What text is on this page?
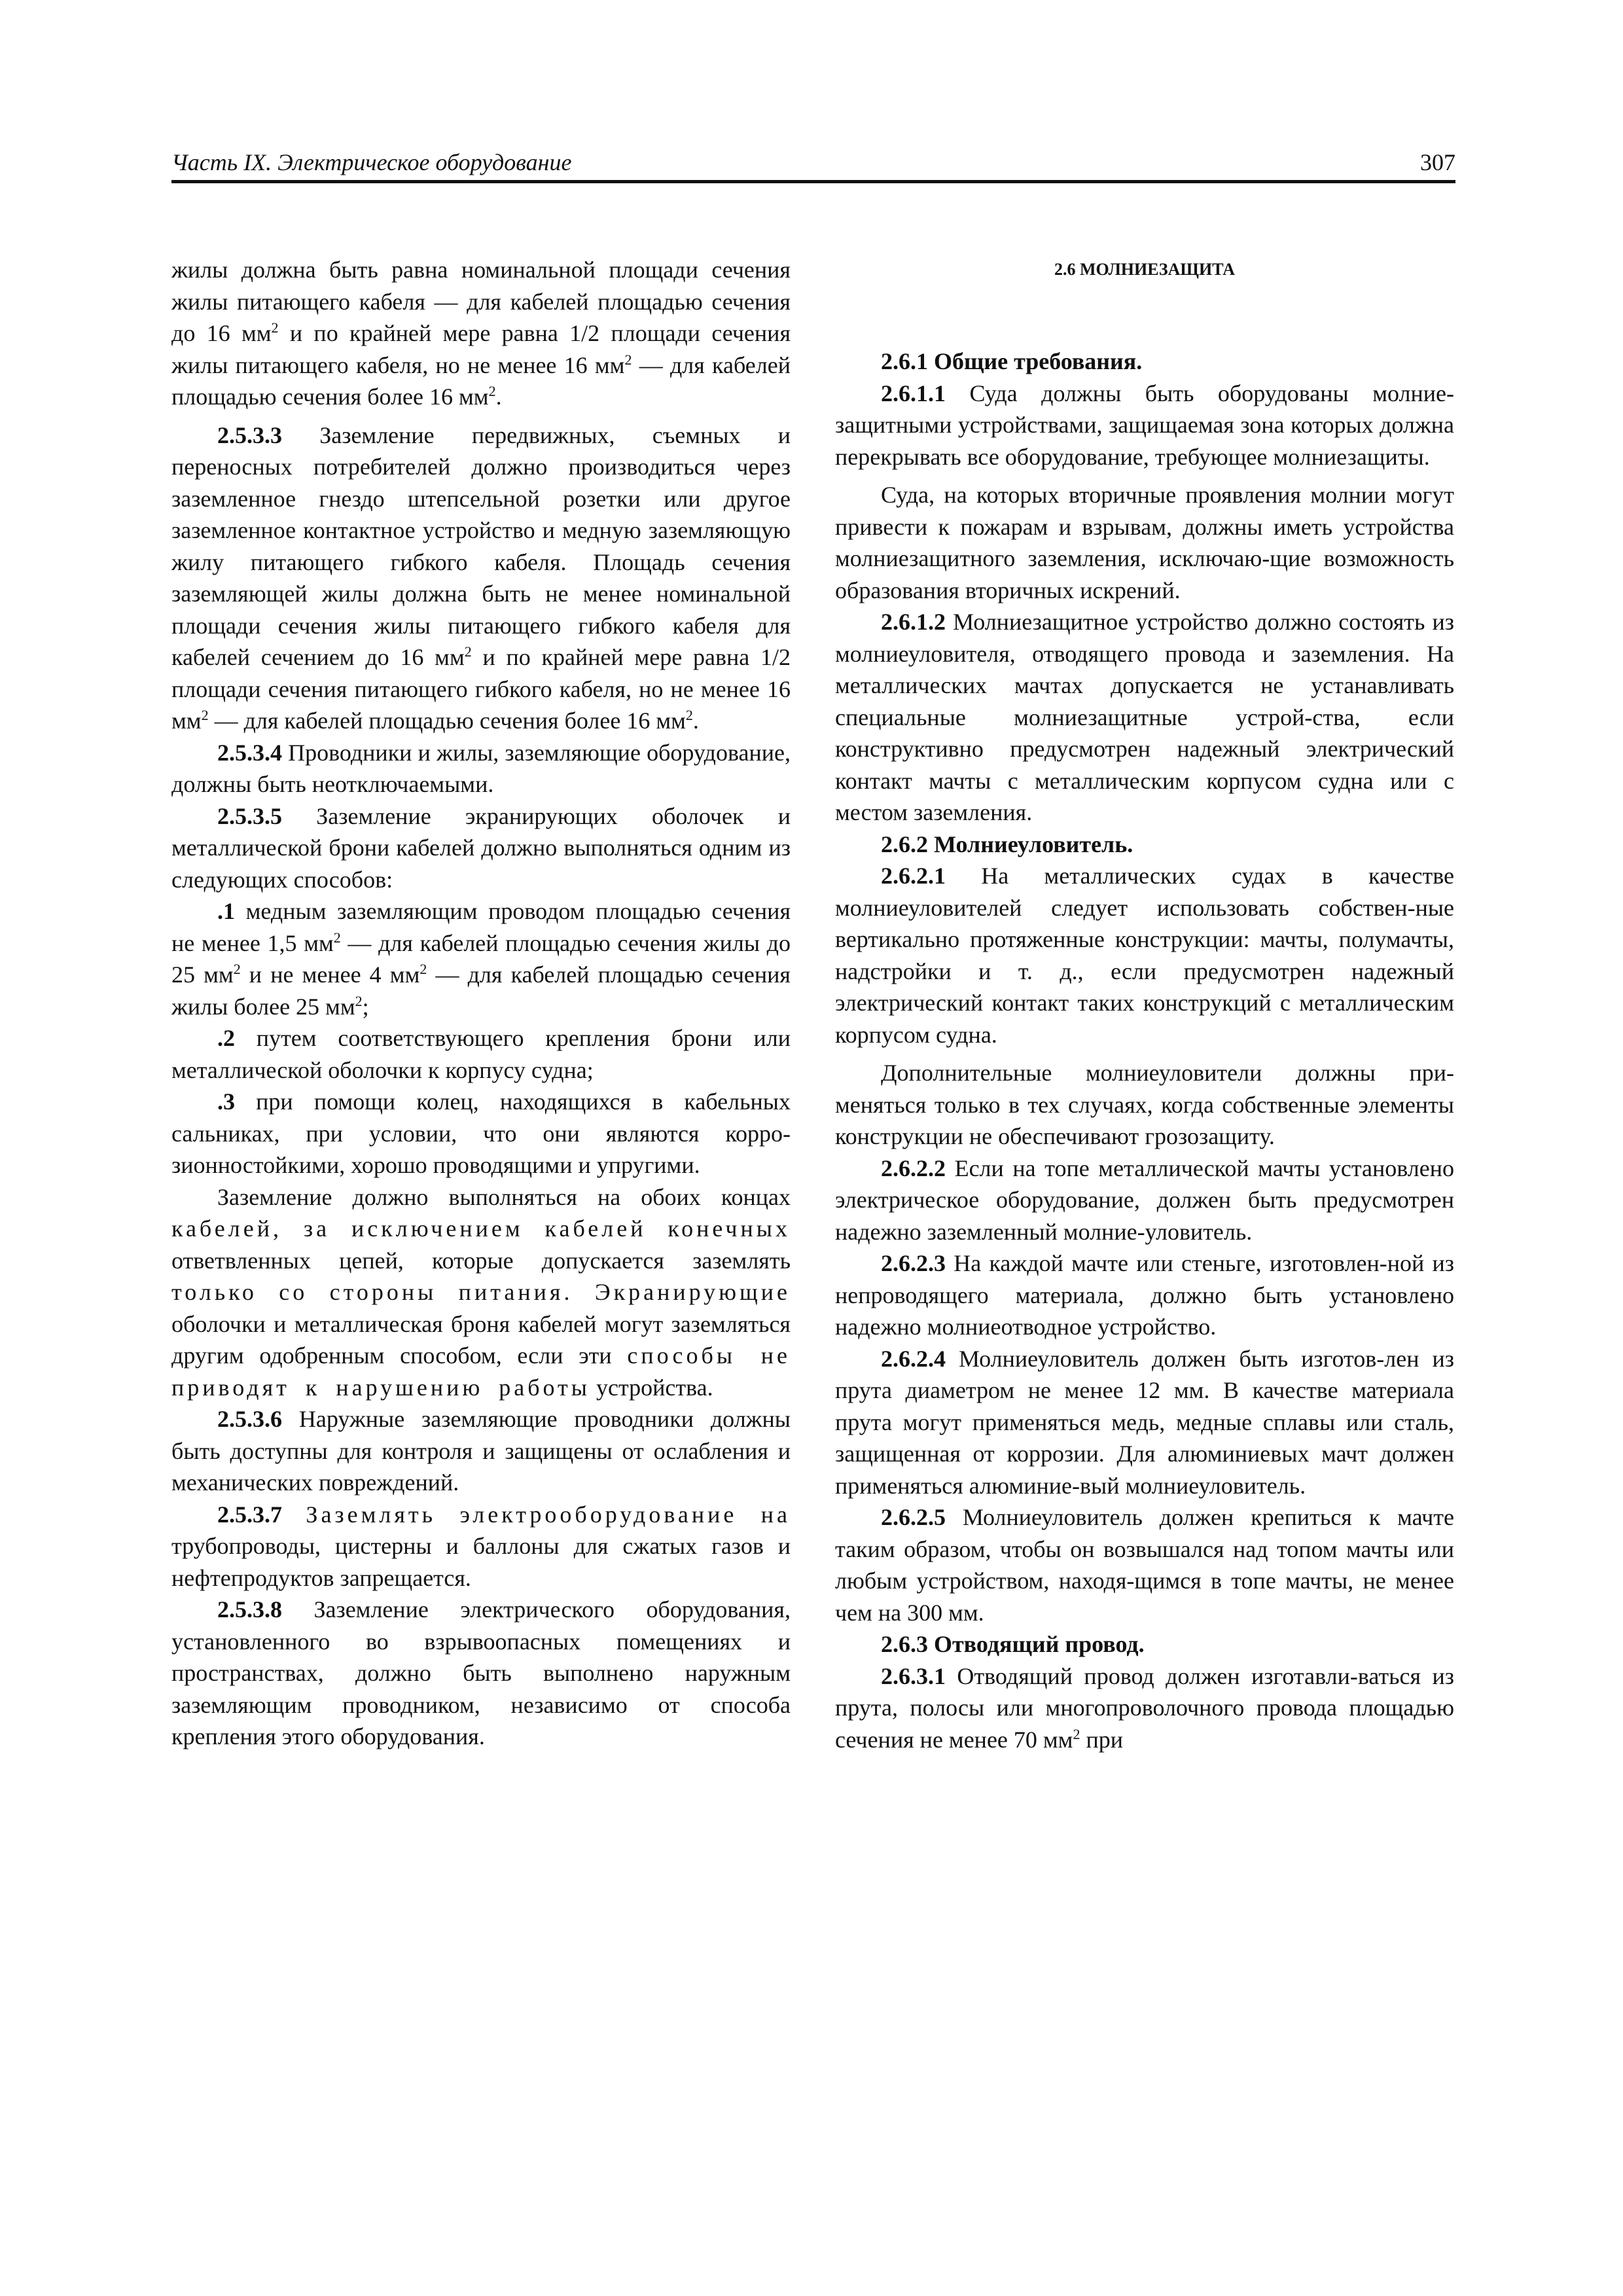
Часть IX. Электрическое оборудование	307

жилы должна быть равна номинальной площади сечения жилы питающего кабеля — для кабелей площадью сечения до 16 $мм^2$ и по крайней мере равна 1/2 площади сечения жилы питающего кабеля, но не менее 16 $мм^2$ — для кабелей площадью сечения более 16 $мм^2$.

2.5.3.3 Заземление передвижных, съемных и переносных потребителей должно производиться через заземленное гнездо штепсельной розетки или другое заземленное контактное устройство и медную заземляющую жилу питающего гибкого кабеля. Площадь сечения заземляющей жилы должна быть не менее номинальной площади сечения жилы питающего гибкого кабеля для кабелей сечением до 16 $мм^2$ и по крайней мере равна 1/2 площади сечения питающего гибкого кабеля, но не менее 16 $мм^2$ — для кабелей площадью сечения более 16 $мм^2$.

2.5.3.4 Проводники и жилы, заземляющие оборудование, должны быть неотключаемыми.

2.5.3.5 Заземление экранирующих оболочек и металлической брони кабелей должно выполняться одним из следующих способов:

.1 медным заземляющим проводом площадью сечения не менее 1,5 $мм^2$ — для кабелей площадью сечения жилы до 25 $мм^2$ и не менее 4 $мм^2$ — для кабелей площадью сечения жилы более 25 $мм^2$;

.2 путем соответствующего крепления брони или металлической оболочки к корпусу судна;

.3 при помощи колец, находящихся в кабельных сальниках, при условии, что они являются корро-зионностойкими, хорошо проводящими и упругими.

Заземление должно выполняться на обоих концах кабелей, за исключением кабелей конечных ответвленных цепей, которые допускается заземлять только со стороны питания. Экранирующие оболочки и металлическая броня кабелей могут заземляться другим одобренным способом, если эти способы не приводят к нарушению работы устройства.

2.5.3.6 Наружные заземляющие проводники должны быть доступны для контроля и защищены от ослабления и механических повреждений.

2.5.3.7 Заземлять электрооборудование на трубопроводы, цистерны и баллоны для сжатых газов и нефтепродуктов запрещается.

2.5.3.8 Заземление электрического оборудования, установленного во взрывоопасных помещениях и пространствах, должно быть выполнено наружным заземляющим проводником, независимо от способа крепления этого оборудования.

2.6 МОЛНИЕЗАЩИТА

2.6.1 Общие требования.

2.6.1.1 Суда должны быть оборудованы молние-защитными устройствами, защищаемая зона которых должна перекрывать все оборудование, требующее молниезащиты.

Суда, на которых вторичные проявления молнии могут привести к пожарам и взрывам, должны иметь устройства молниезащитного заземления, исключаю-щие возможность образования вторичных искрений.

2.6.1.2 Молниезащитное устройство должно состоять из молниеуловителя, отводящего провода и заземления. На металлических мачтах допускается не устанавливать специальные молниезащитные устрой-ства, если конструктивно предусмотрен надежный электрический контакт мачты с металлическим корпусом судна или с местом заземления.

2.6.2 Молниеуловитель.

2.6.2.1 На металлических судах в качестве молниеуловителей следует использовать собствен-ные вертикально протяженные конструкции: мачты, полумачты, надстройки и т. д., если предусмотрен надежный электрический контакт таких конструкций с металлическим корпусом судна.

Дополнительные молниеуловители должны при-меняться только в тех случаях, когда собственные элементы конструкции не обеспечивают грозозащиту.

2.6.2.2 Если на топе металлической мачты установлено электрическое оборудование, должен быть предусмотрен надежно заземленный молние-уловитель.

2.6.2.3 На каждой мачте или стеньге, изготовлен-ной из непроводящего материала, должно быть установлено надежно молниеотводное устройство.

2.6.2.4 Молниеуловитель должен быть изготов-лен из прута диаметром не менее 12 мм. В качестве материала прута могут применяться медь, медные сплавы или сталь, защищенная от коррозии. Для алюминиевых мачт должен применяться алюминие-вый молниеуловитель.

2.6.2.5 Молниеуловитель должен крепиться к мачте таким образом, чтобы он возвышался над топом мачты или любым устройством, находя-щимся в топе мачты, не менее чем на 300 мм.

2.6.3 Отводящий провод.

2.6.3.1 Отводящий провод должен изготавли-ваться из прута, полосы или многопроволочного провода площадью сечения не менее 70 $мм^2$ при
